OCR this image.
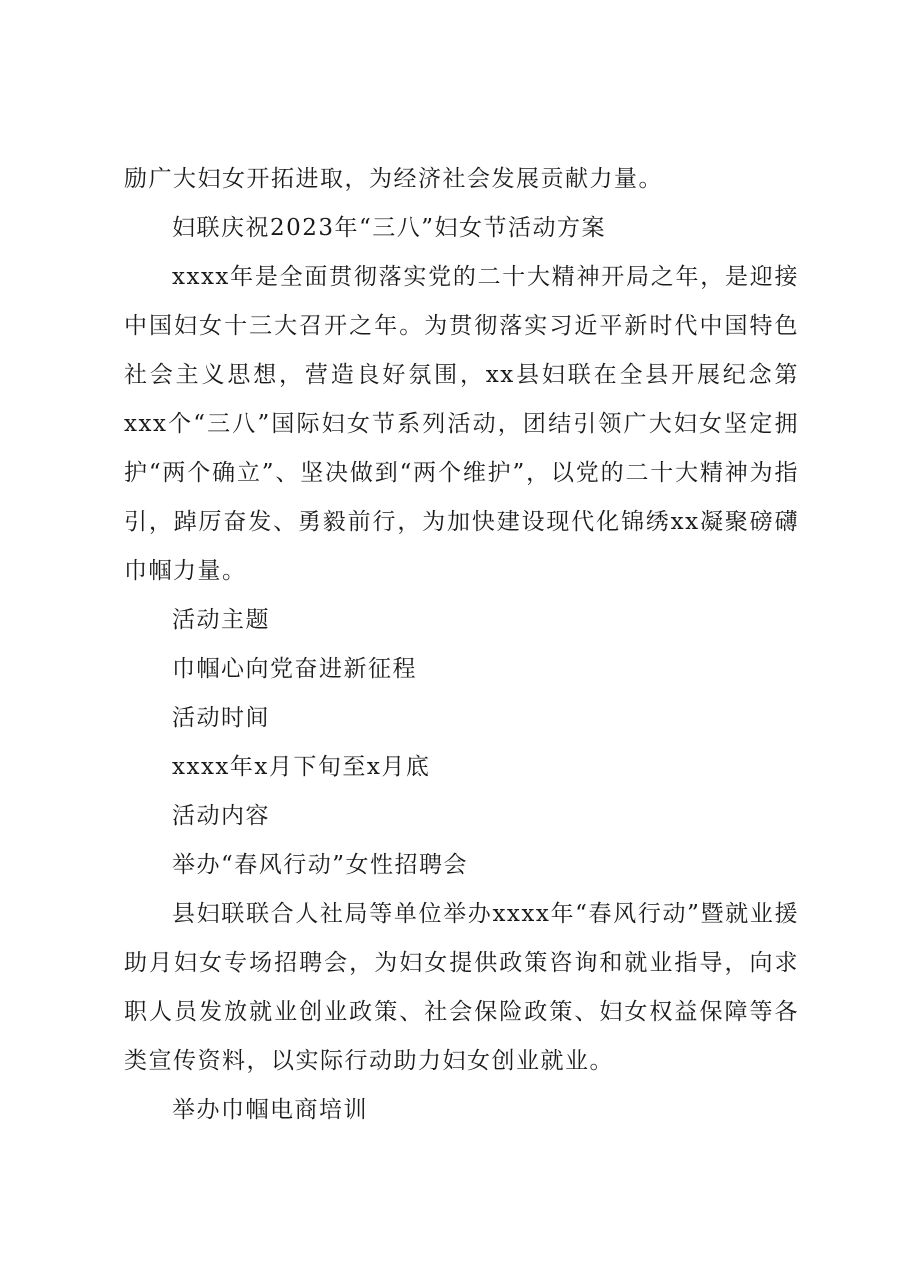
励广大妇女开拓进取，为经济社会发展贡献力量。

妇联庆祝2023年“三八”妇女节活动方案

xxxx年是全面贯彻落实党的二十大精神开局之年，是迎接中国妇女十三大召开之年。为贯彻落实习近平新时代中国特色社会主义思想，营造良好氛围，xx县妇联在全县开展纪念第xxx个“三八”国际妇女节系列活动，团结引领广大妇女坚定拥护“两个确立”、坚决做到“两个维护”，以党的二十大精神为指引，踔厉奋发、勇毅前行，为加快建设现代化锦绣xx凝聚磅礴巾帼力量。

活动主题

巾帼心向党奋进新征程

活动时间

xxxx年x月下旬至x月底

活动内容

举办“春风行动”女性招聘会

县妇联联合人社局等单位举办xxxx年“春风行动”暨就业援助月妇女专场招聘会，为妇女提供政策咨询和就业指导，向求职人员发放就业创业政策、社会保险政策、妇女权益保障等各类宣传资料，以实际行动助力妇女创业就业。

举办巾帼电商培训
